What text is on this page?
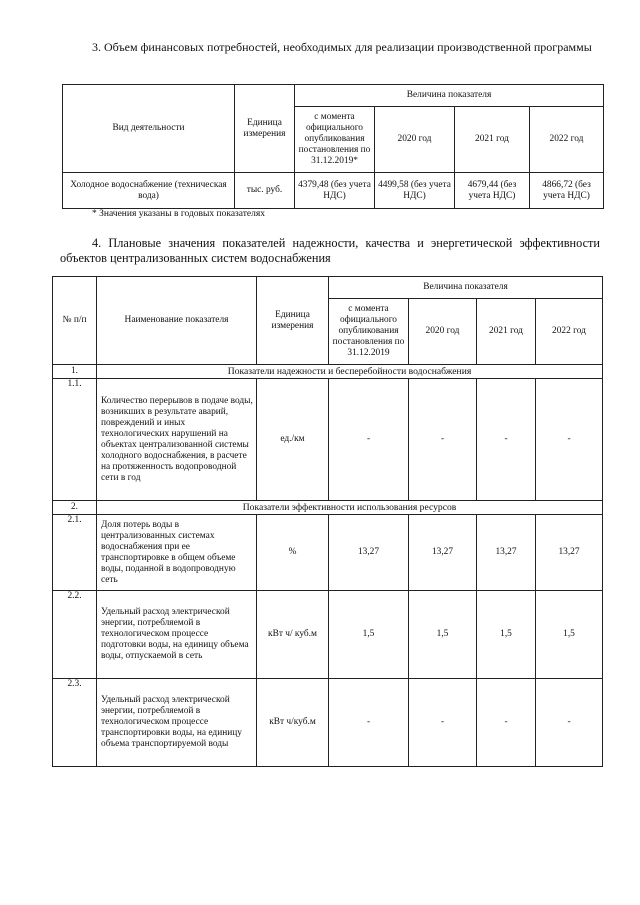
3. Объем финансовых потребностей, необходимых для реализации производственной программы
Вид деятельности	Единица измерения	Величина показателя			
		с момента официального опубликования постановления по 31.12.2019*	2020 год	2021 год	2022 год
Холодное водоснабжение (техническая вода)	тыс. руб.	4379,48 (без учета НДС)	4499,58 (без учета НДС)	4679,44 (без учета НДС)	4866,72 (без учета НДС)
* Значения указаны в годовых показателях
4. Плановые значения показателей надежности, качества и энергетической эффективности объектов централизованных систем водоснабжения
№ п/п	Наименование показателя	Единица измерения	Величина показателя			
			с момента официального опубликования постановления по 31.12.2019	2020 год	2021 год	2022 год
1.	Показатели надежности и бесперебойности водоснабжения					
1.1.	Количество перерывов в подаче воды, возникших в результате аварий, повреждений и иных технологических нарушений на объектах централизованной системы холодного водоснабжения, в расчете на протяженность водопроводной сети в год	ед./км	-	-	-	-
2.	Показатели эффективности использования ресурсов					
2.1.	Доля потерь воды в централизованных системах водоснабжения при ее транспортировке в общем объеме воды, поданной в водопроводную сеть	%	13,27	13,27	13,27	13,27
2.2.	Удельный расход электрической энергии, потребляемой в технологическом процессе подготовки воды, на единицу объема воды, отпускаемой в сеть	кВт ч/ куб.м	1,5	1,5	1,5	1,5
2.3.	Удельный расход электрической энергии, потребляемой в технологическом процессе транспортировки воды, на единицу объема транспортируемой воды	кВт ч/куб.м	-	-	-	-
